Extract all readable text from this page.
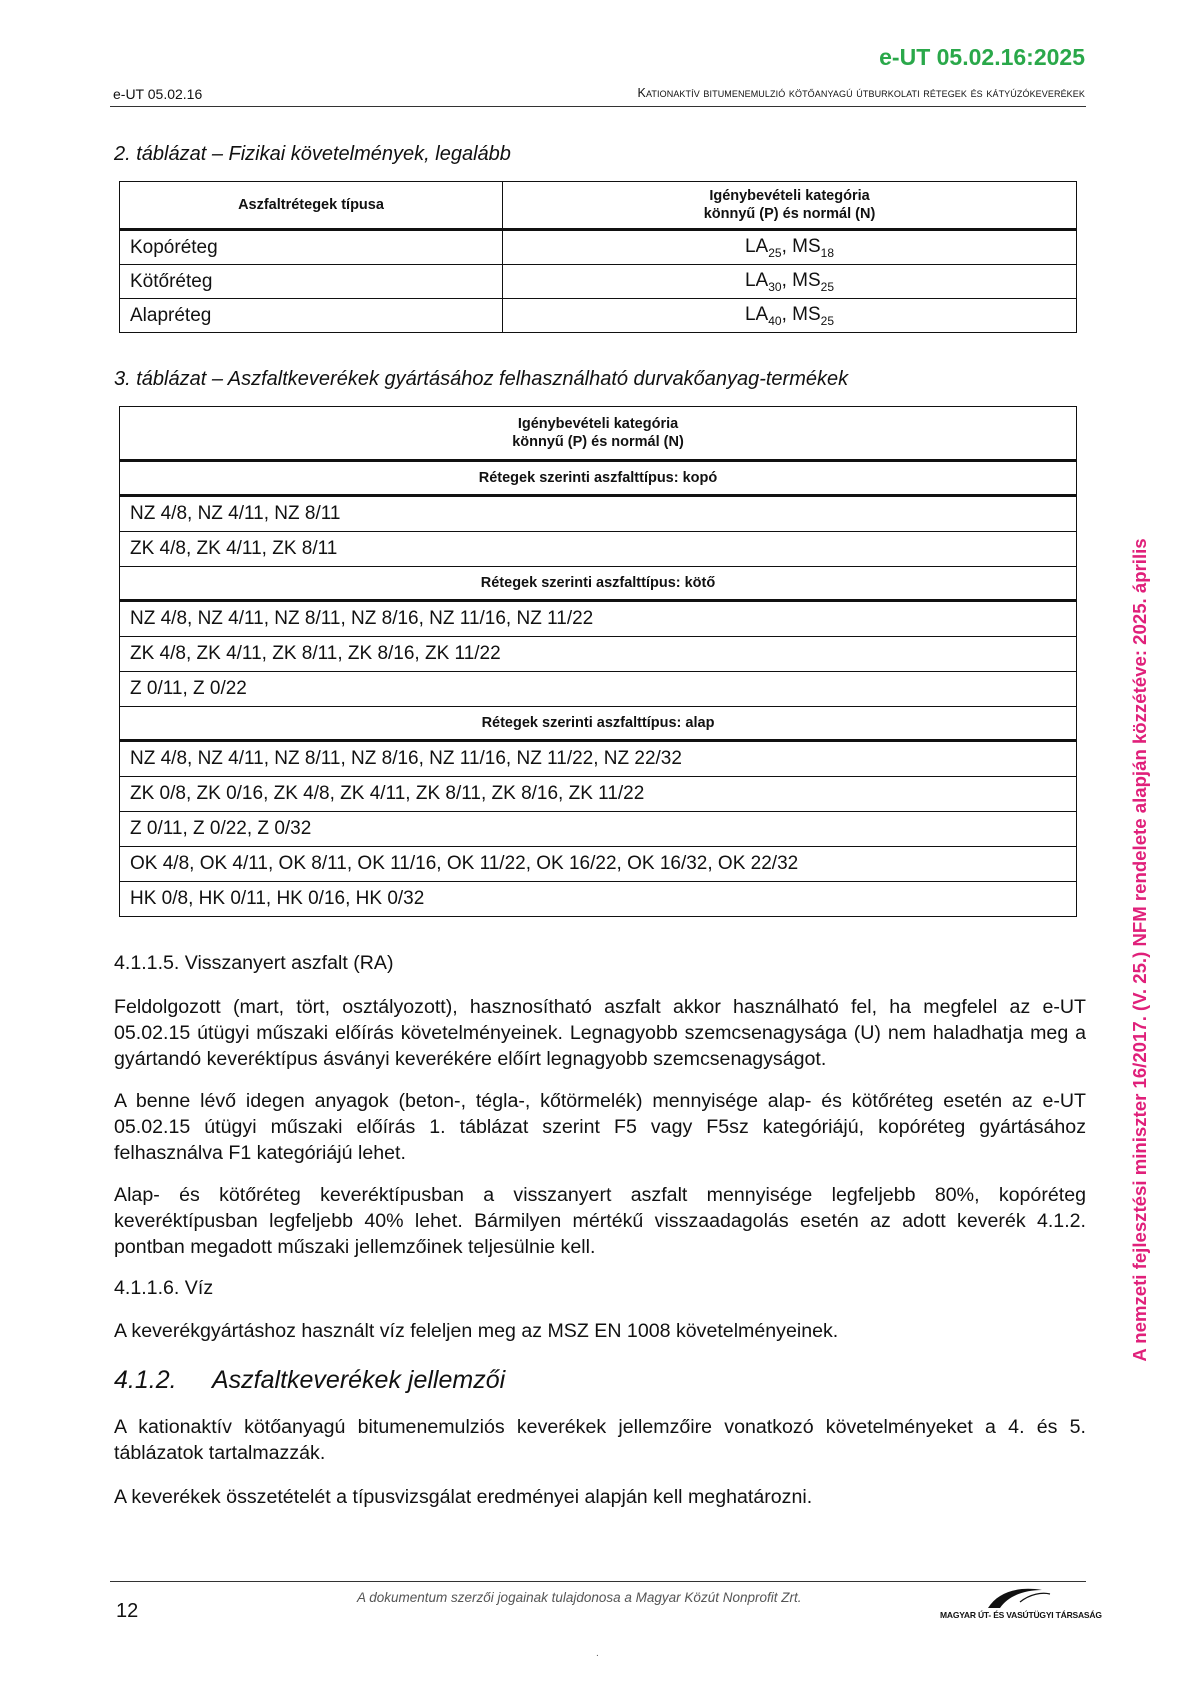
e-UT 05.02.16:2025
e-UT 05.02.16	Kationaktív bitumenemulzió kötőanyagú útburkolati rétegek és kátyúzókeverékek
A nemzeti fejlesztési miniszter 16/2017. (V. 25.) NFM rendelete alapján közzétéve: 2025. április
2. táblázat – Fizikai követelmények, legalább
Aszfaltrétegek típusa	Igénybevételi kategória
könnyű (P) és normál (N)

Kopóréteg	$LA_{25}$, $MS_{18}$
Kötőréteg	$LA_{30}$, $MS_{25}$
Alapréteg	$LA_{40}$, $MS_{25}$
3. táblázat – Aszfaltkeverékek gyártásához felhasználható durvakőanyag-termékek
Igénybevételi kategória
könnyű (P) és normál (N)

Rétegek szerinti aszfalttípus: kopó
NZ 4/8, NZ 4/11, NZ 8/11
ZK 4/8, ZK 4/11, ZK 8/11
Rétegek szerinti aszfalttípus: kötő
NZ 4/8, NZ 4/11, NZ 8/11, NZ 8/16, NZ 11/16, NZ 11/22
ZK 4/8, ZK 4/11, ZK 8/11, ZK 8/16, ZK 11/22
Z 0/11, Z 0/22
Rétegek szerinti aszfalttípus: alap
NZ 4/8, NZ 4/11, NZ 8/11, NZ 8/16, NZ 11/16, NZ 11/22, NZ 22/32
ZK 0/8, ZK 0/16, ZK 4/8, ZK 4/11, ZK 8/11, ZK 8/16, ZK 11/22
Z 0/11, Z 0/22, Z 0/32
OK 4/8, OK 4/11, OK 8/11, OK 11/16, OK 11/22, OK 16/22, OK 16/32, OK 22/32
HK 0/8, HK 0/11, HK 0/16, HK 0/32
4.1.1.5. Visszanyert aszfalt (RA)
Feldolgozott (mart, tört, osztályozott), hasznosítható aszfalt akkor használható fel, ha megfelel az e-UT 05.02.15 útügyi műszaki előírás követelményeinek. Legnagyobb szemcsenagysága (U) nem haladhatja meg a gyártandó keveréktípus ásványi keverékére előírt legnagyobb szemcsenagyságot.
A benne lévő idegen anyagok (beton-, tégla-, kőtörmelék) mennyisége alap- és kötőréteg esetén az e-UT 05.02.15 útügyi műszaki előírás 1. táblázat szerint F5 vagy F5sz kategóriájú, kopóréteg gyártásához felhasználva F1 kategóriájú lehet.
Alap- és kötőréteg keveréktípusban a visszanyert aszfalt mennyisége legfeljebb 80%, kopóréteg keveréktípusban legfeljebb 40% lehet. Bármilyen mértékű visszaadagolás esetén az adott keverék 4.1.2. pontban megadott műszaki jellemzőinek teljesülnie kell.
4.1.1.6. Víz
A keverékgyártáshoz használt víz feleljen meg az MSZ EN 1008 követelményeinek.
4.1.2. Aszfaltkeverékek jellemzői
A kationaktív kötőanyagú bitumenemulziós keverékek jellemzőire vonatkozó követelményeket a 4. és 5. táblázatok tartalmazzák.
A keverékek összetételét a típusvizsgálat eredményei alapján kell meghatározni.
12
A dokumentum szerzői jogainak tulajdonosa a Magyar Közút Nonprofit Zrt.
MAGYAR ÚT- ÉS VASÚTÜGYI TÁRSASÁG
.
